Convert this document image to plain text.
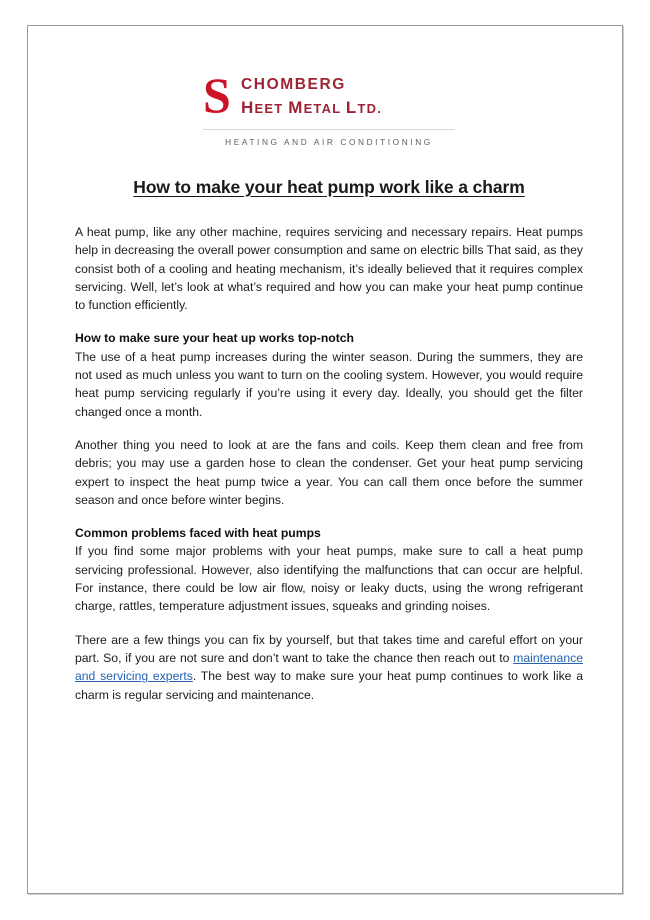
S CHOMBERG
HEET METAL LTD.
HEATING AND AIR CONDITIONING
How to make your heat pump work like a charm

A heat pump, like any other machine, requires servicing and necessary repairs. Heat pumps help in decreasing the overall power consumption and same on electric bills That said, as they consist both of a cooling and heating mechanism, it’s ideally believed that it requires complex servicing. Well, let’s look at what’s required and how you can make your heat pump continue to function efficiently.

How to make sure your heat up works top-notch

The use of a heat pump increases during the winter season. During the summers, they are not used as much unless you want to turn on the cooling system. However, you would require heat pump servicing regularly if you’re using it every day. Ideally, you should get the filter changed once a month.

Another thing you need to look at are the fans and coils. Keep them clean and free from debris; you may use a garden hose to clean the condenser. Get your heat pump servicing expert to inspect the heat pump twice a year. You can call them once before the summer season and once before winter begins.

Common problems faced with heat pumps

If you find some major problems with your heat pumps, make sure to call a heat pump servicing professional. However, also identifying the malfunctions that can occur are helpful. For instance, there could be low air flow, noisy or leaky ducts, using the wrong refrigerant charge, rattles, temperature adjustment issues, squeaks and grinding noises.

There are a few things you can fix by yourself, but that takes time and careful effort on your part. So, if you are not sure and don’t want to take the chance then reach out to maintenance and servicing experts. The best way to make sure your heat pump continues to work like a charm is regular servicing and maintenance.
